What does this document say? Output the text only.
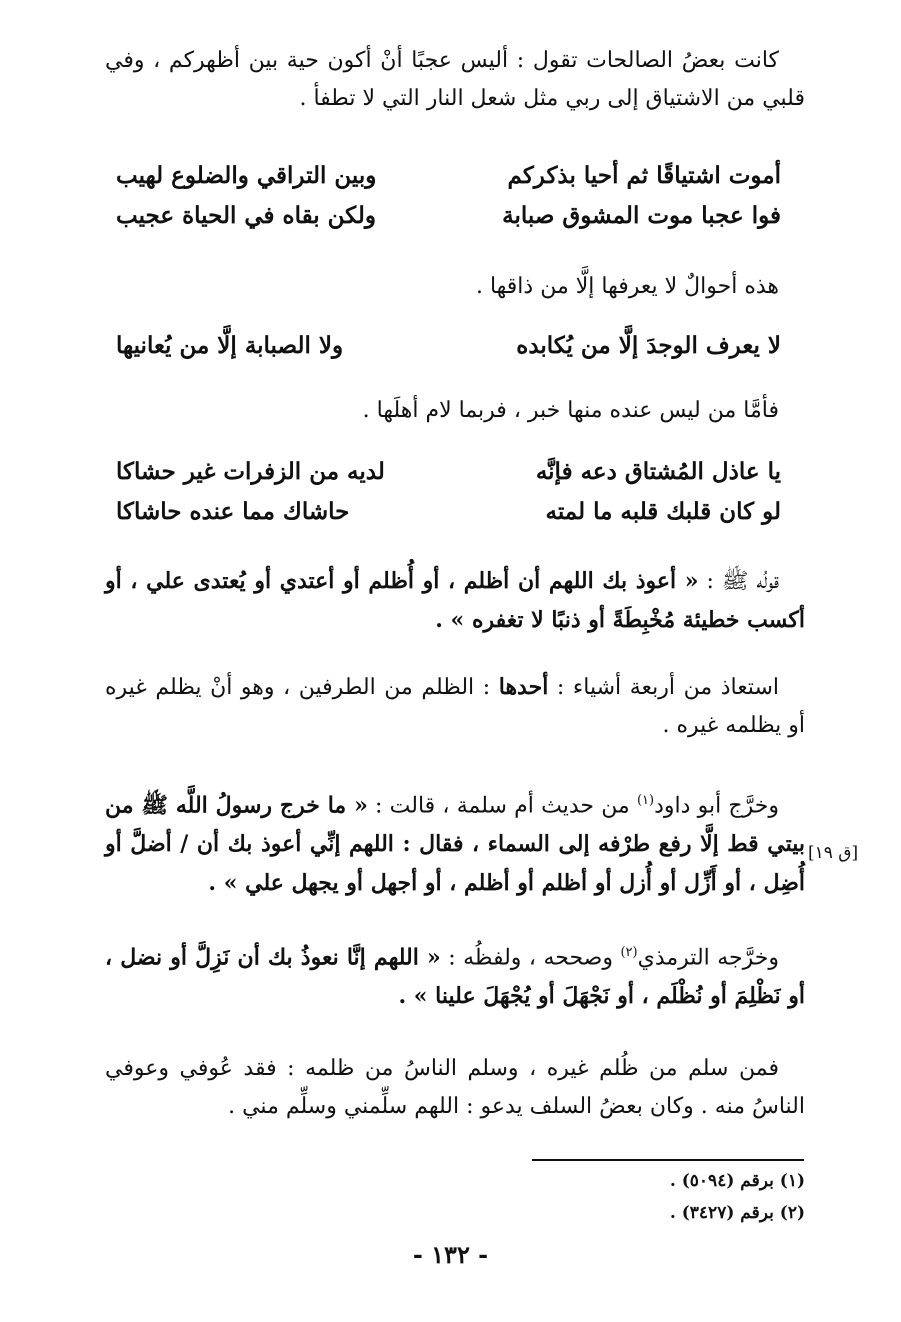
كانت بعضُ الصالحات تقول : أليس عجبًا أنْ أكون حية بين أظهركم ، وفي قلبي من الاشتياق إلى ربي مثل شعل النار التي لا تطفأ .

أموت اشتياقًا ثم أحيا بذكركم
وبين التراقي والضلوع لهيب
فوا عجبا موت المشوق صبابة
ولكن بقاه في الحياة عجيب

هذه أحوالٌ لا يعرفها إلَّا من ذاقها .

لا يعرف الوجدَ إلَّا من يُكابده
ولا الصبابة إلَّا من يُعانيها

فأمَّا من ليس عنده منها خبر ، فربما لام أهلَها .

يا عاذل المُشتاق دعه فإنَّه
لديه من الزفرات غير حشاكا
لو كان قلبك قلبه ما لمته
حاشاك مما عنده حاشاكا

قولُه ﷺ : « أعوذ بك اللهم أن أظلم ، أو أُظلم أو أعتدي أو يُعتدى علي ، أو أكسب خطيئة مُخْبِطَةً أو ذنبًا لا تغفره » .

استعاذ من أربعة أشياء : أحدها : الظلم من الطرفين ، وهو أنْ يظلم غيره أو يظلمه غيره .

وخرَّج أبو داود$^{(١)}$ من حديث أم سلمة ، قالت : « ما خرج رسولُ اللَّه ﷺ من بيتي قط إلَّا رفع طرْفه إلى السماء ، فقال : اللهم إنِّي أعوذ بك أن / أضلَّ أو أُضِل ، أو أَزِّل أو أُزل أو أظلم أو أظلم ، أو أجهل أو يجهل علي » .

[ق ١٩]

وخرَّجه الترمذي$^{(٢)}$ وصححه ، ولفظُه : « اللهم إنَّا نعوذُ بك أن نَزِلَّ أو نضل ، أو نَظْلِمَ أو نُظْلَم ، أو نَجْهَلَ أو يُجْهَلَ علينا » .

فمن سلم من ظُلم غيره ، وسلم الناسُ من ظلمه : فقد عُوفي وعوفي الناسُ منه . وكان بعضُ السلف يدعو : اللهم سلِّمني وسلِّم مني .

(١) برقم (٥٠٩٤) .

(٢) برقم (٣٤٢٧) .

- ١٣٢ -
